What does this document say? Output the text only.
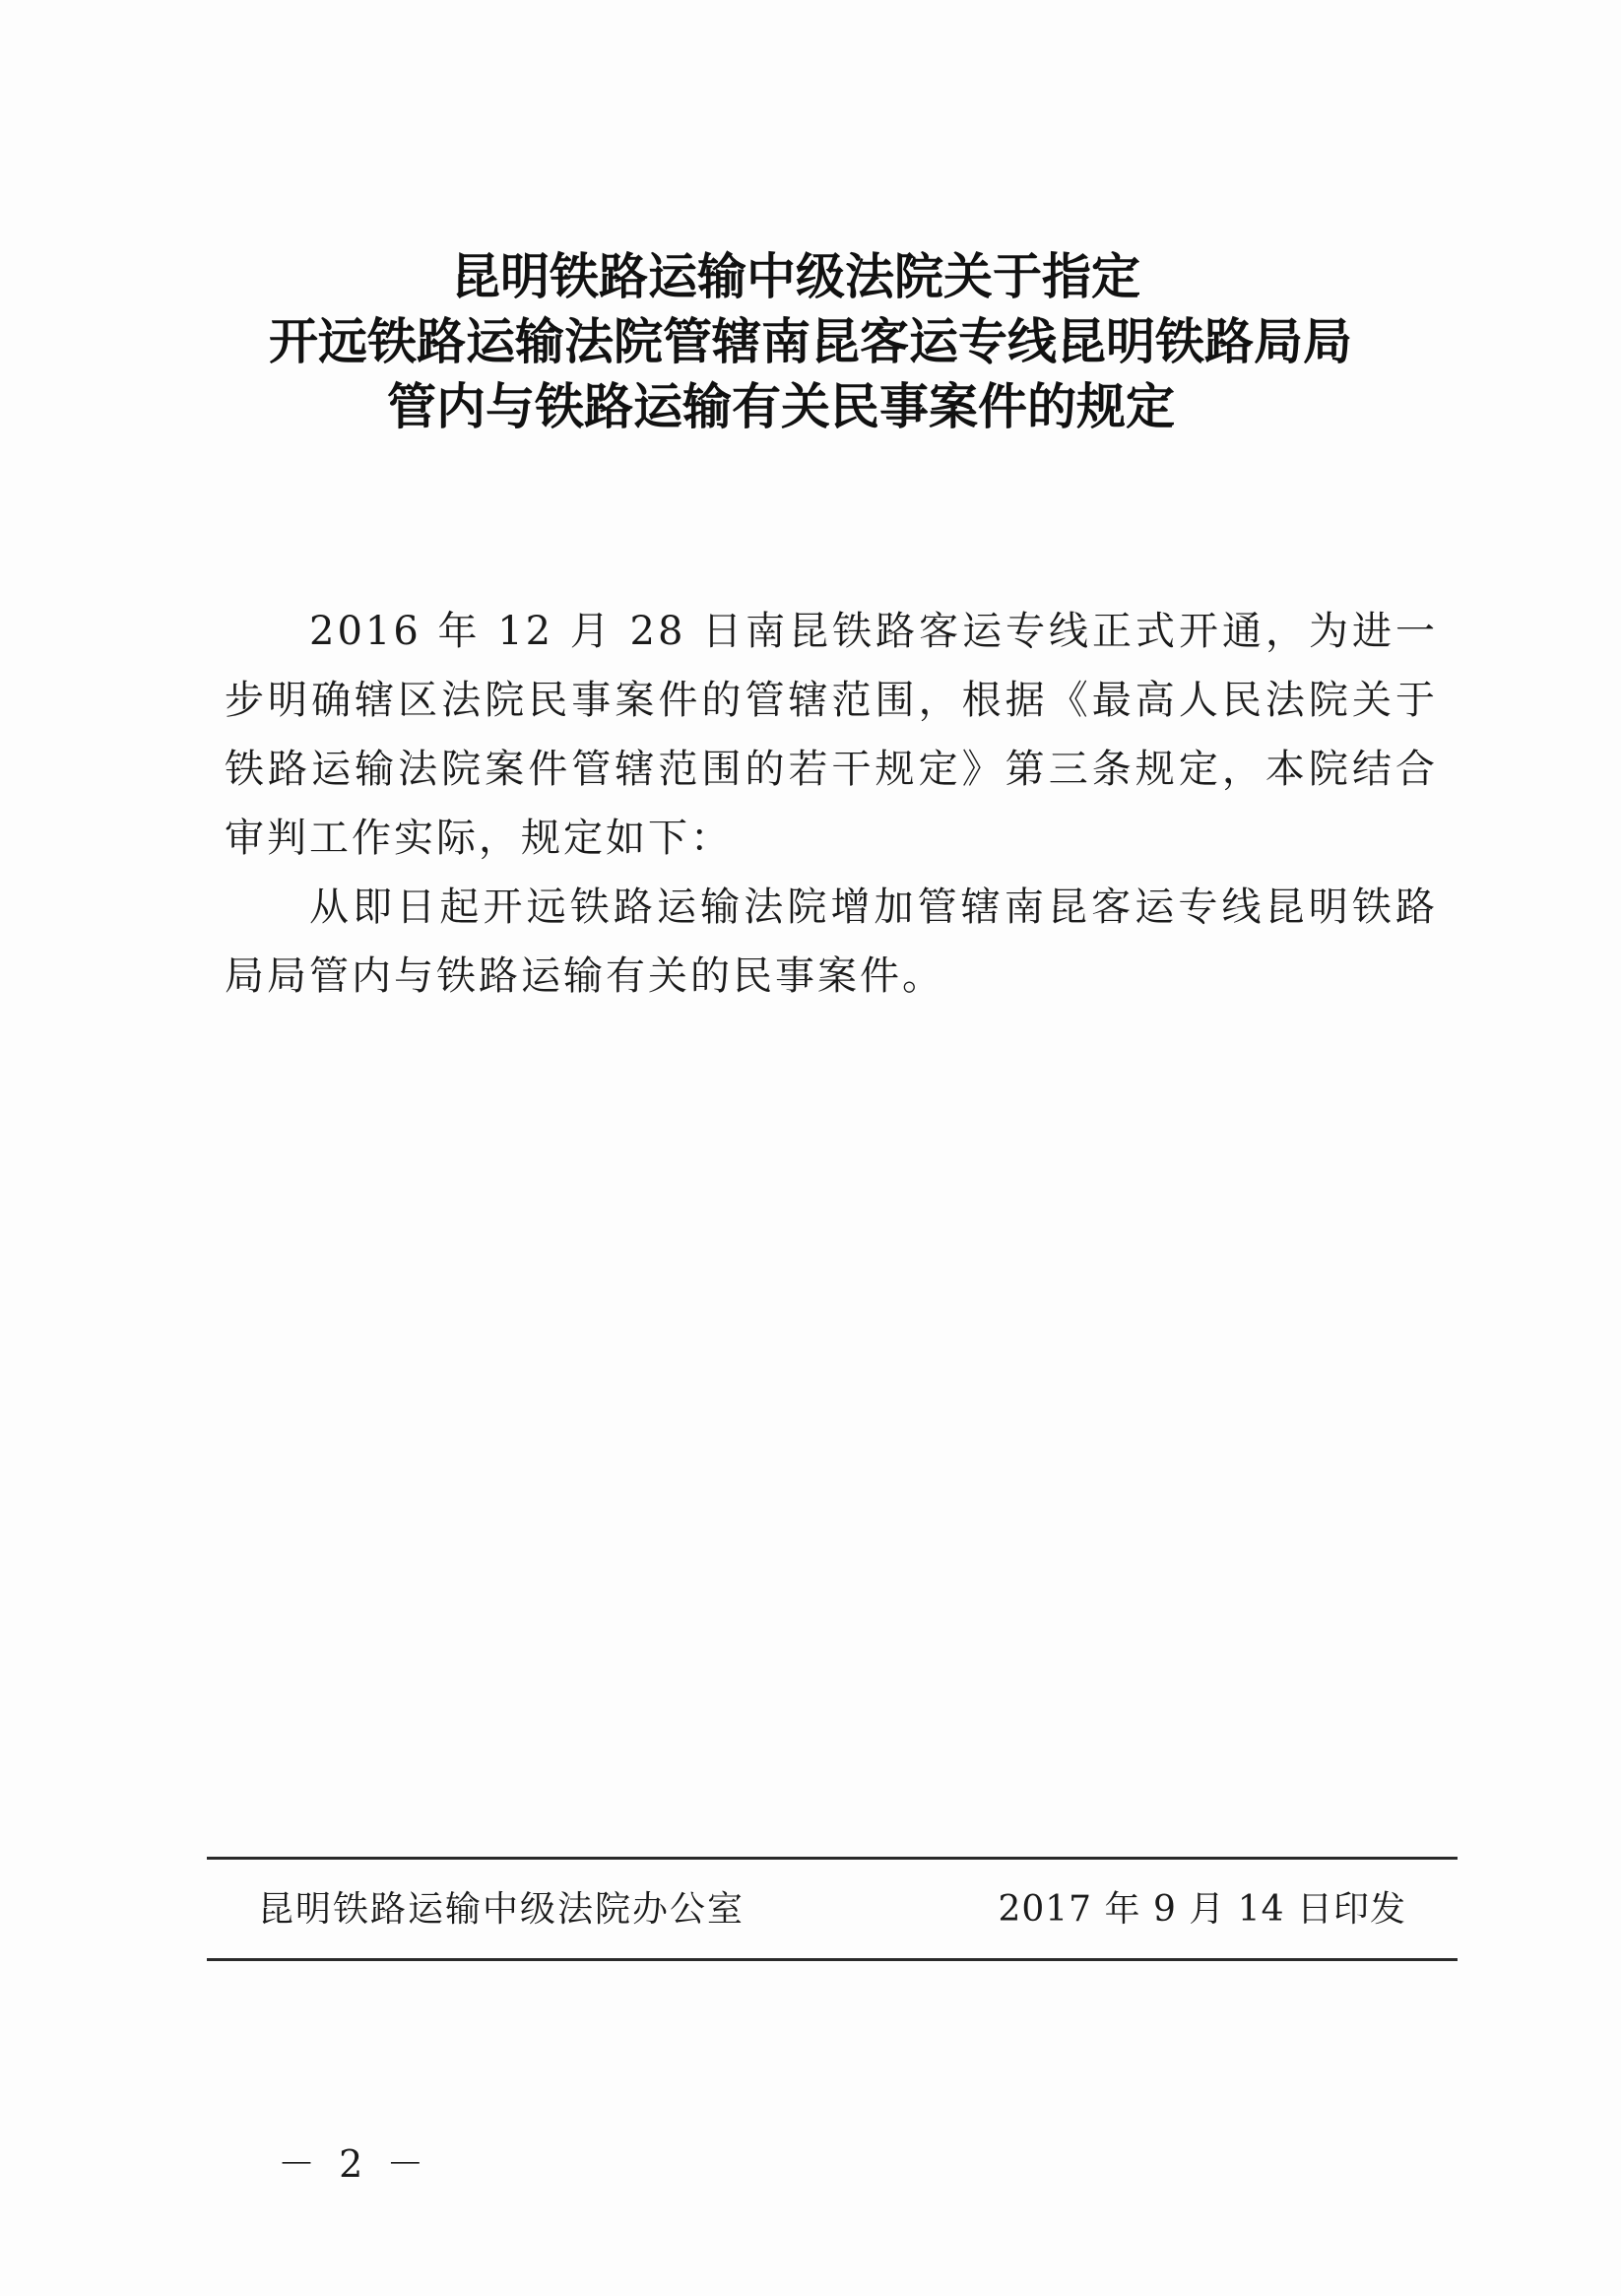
昆明铁路运输中级法院关于指定
开远铁路运输法院管辖南昆客运专线昆明铁路局局
管内与铁路运输有关民事案件的规定

2016 年 12 月 28 日南昆铁路客运专线正式开通，为进一步明确辖区法院民事案件的管辖范围，根据《最高人民法院关于铁路运输法院案件管辖范围的若干规定》第三条规定，本院结合审判工作实际，规定如下：

从即日起开远铁路运输法院增加管辖南昆客运专线昆明铁路局局管内与铁路运输有关的民事案件。

昆明铁路运输中级法院办公室	2017 年 9 月 14 日印发
－ 2 －
